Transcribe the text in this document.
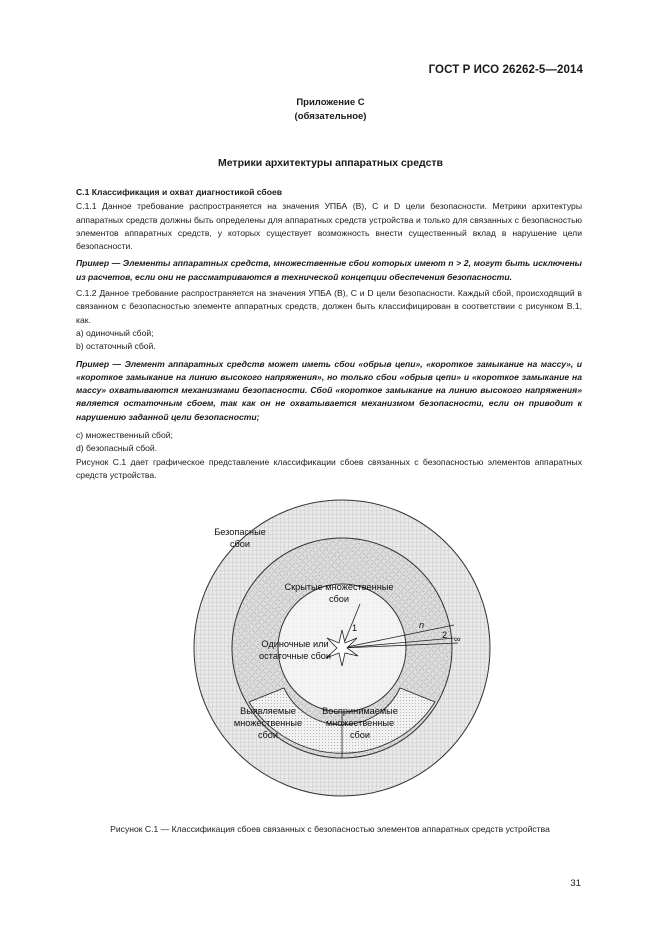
ГОСТ Р ИСО 26262-5—2014
Приложение С
(обязательное)
Метрики архитектуры аппаратных средств

С.1 Классификация и охват диагностикой сбоев

С.1.1 Данное требование распространяется на значения УПБА (В), С и D цели безопасности. Метрики архитектуры аппаратных средств должны быть определены для аппаратных средств устройства и только для связанных с безопасностью элементов аппаратных средств, у которых существует возможность внести существенный вклад в нарушение цели безопасности.

Пример — Элементы аппаратных средств, множественные сбои которых имеют n > 2, могут быть исключены из расчетов, если они не рассматриваются в технической концепции обеспечения безопасности.

С.1.2 Данное требование распространяется на значения УПБА (В), С и D цели безопасности. Каждый сбой, происходящий в связанном с безопасностью элементе аппаратных средств, должен быть классифицирован в соответствии с рисунком В.1, как.

a) одиночный сбой;

b) остаточный сбой.

Пример — Элемент аппаратных средств может иметь сбои «обрыв цепи», «короткое замыкание на массу», и «короткое замыкание на линию высокого напряжения», но только сбои «обрыв цепи» и «короткое замыкание на массу» охватываются механизмами безопасности. Сбой «короткое замыкание на линию высокого напряжения» является остаточным сбоем, так как он не охватывается механизмом безопасности, если он приводит к нарушению заданной цели безопасности;

c) множественный сбой;

d) безопасный сбой.

Рисунок С.1 дает графическое представление классификации сбоев связанных с безопасностью элементов аппаратных средств устройства.

Безопасные
сбои
Скрытые множественные
сбои
Одиночные или
остаточные сбои
Выявляемые
множественные
сбои
Воспринимаемые
множественные
сбои
n
1
2 ∞
Рисунок С.1 — Классификация сбоев связанных с безопасностью элементов аппаратных средств устройства
31
